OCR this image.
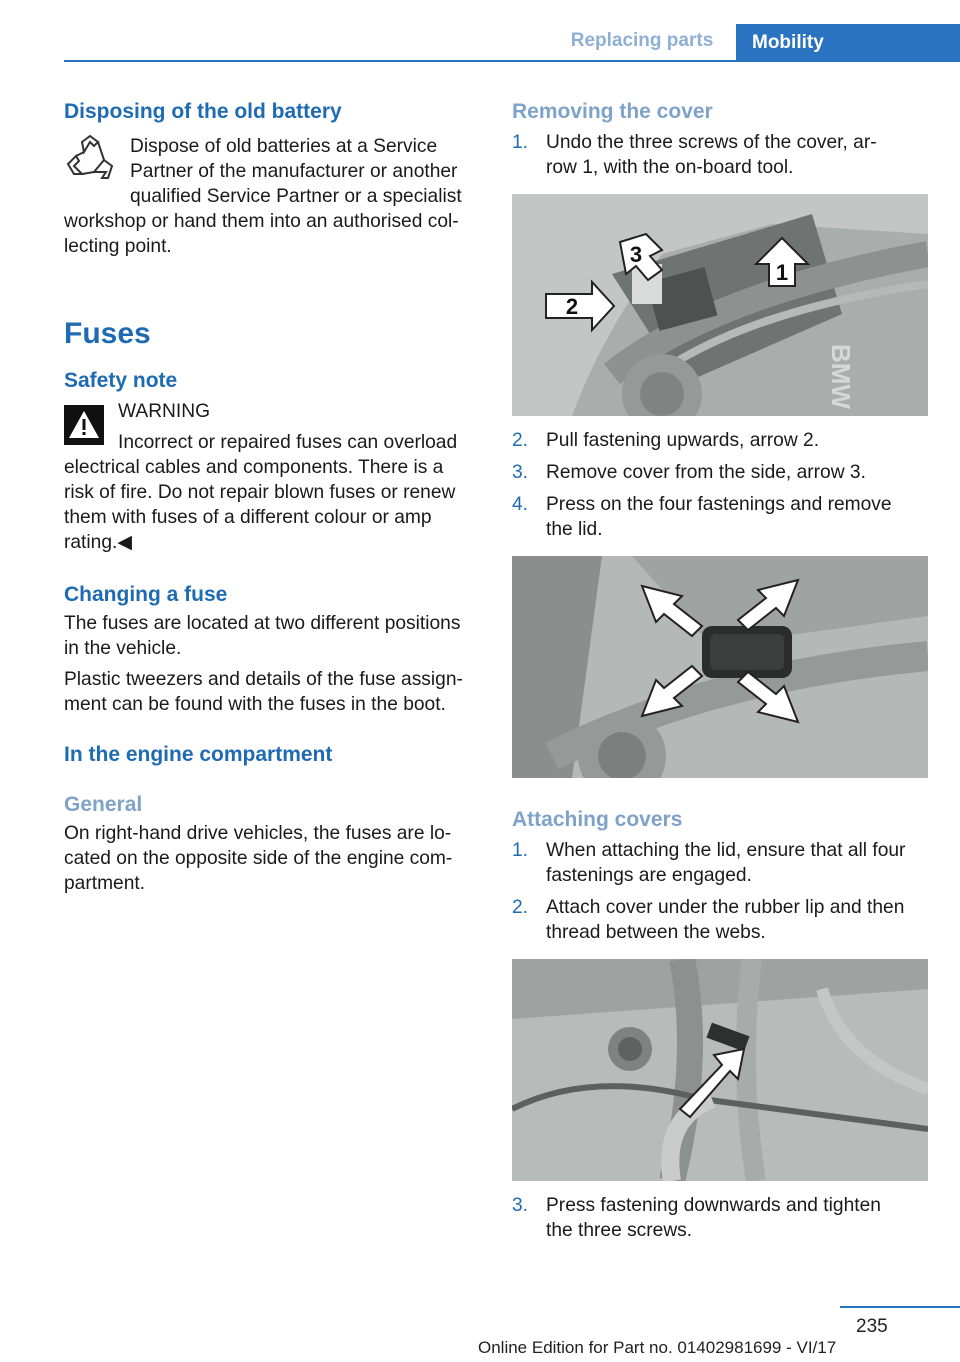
Replacing parts	Mobility
Disposing of the old battery

Dispose of old batteries at a Service

Partner of the manufacturer or another

qualified Service Partner or a specialist

workshop or hand them into an authorised col-

lecting point.

Fuses
Safety note

WARNING

Incorrect or repaired fuses can overload

electrical cables and components. There is a

risk of fire. Do not repair blown fuses or renew

them with fuses of a different colour or amp

rating.◀

Changing a fuse

The fuses are located at two different positions

in the vehicle.

Plastic tweezers and details of the fuse assign-

ment can be found with the fuses in the boot.

In the engine compartment
General

On right-hand drive vehicles, the fuses are lo-

cated on the opposite side of the engine com-

partment.

Removing the cover
1. Undo the three screws of the cover, ar-
row 1, with the on-board tool.
1
2
3
BMW
2. Pull fastening upwards, arrow 2.
3. Remove cover from the side, arrow 3.
4. Press on the four fastenings and remove
the lid.
Attaching covers
1. When attaching the lid, ensure that all four
fastenings are engaged.
2. Attach cover under the rubber lip and then
thread between the webs.
3. Press fastening downwards and tighten
the three screws.
235
Online Edition for Part no. 01402981699 - VI/17
